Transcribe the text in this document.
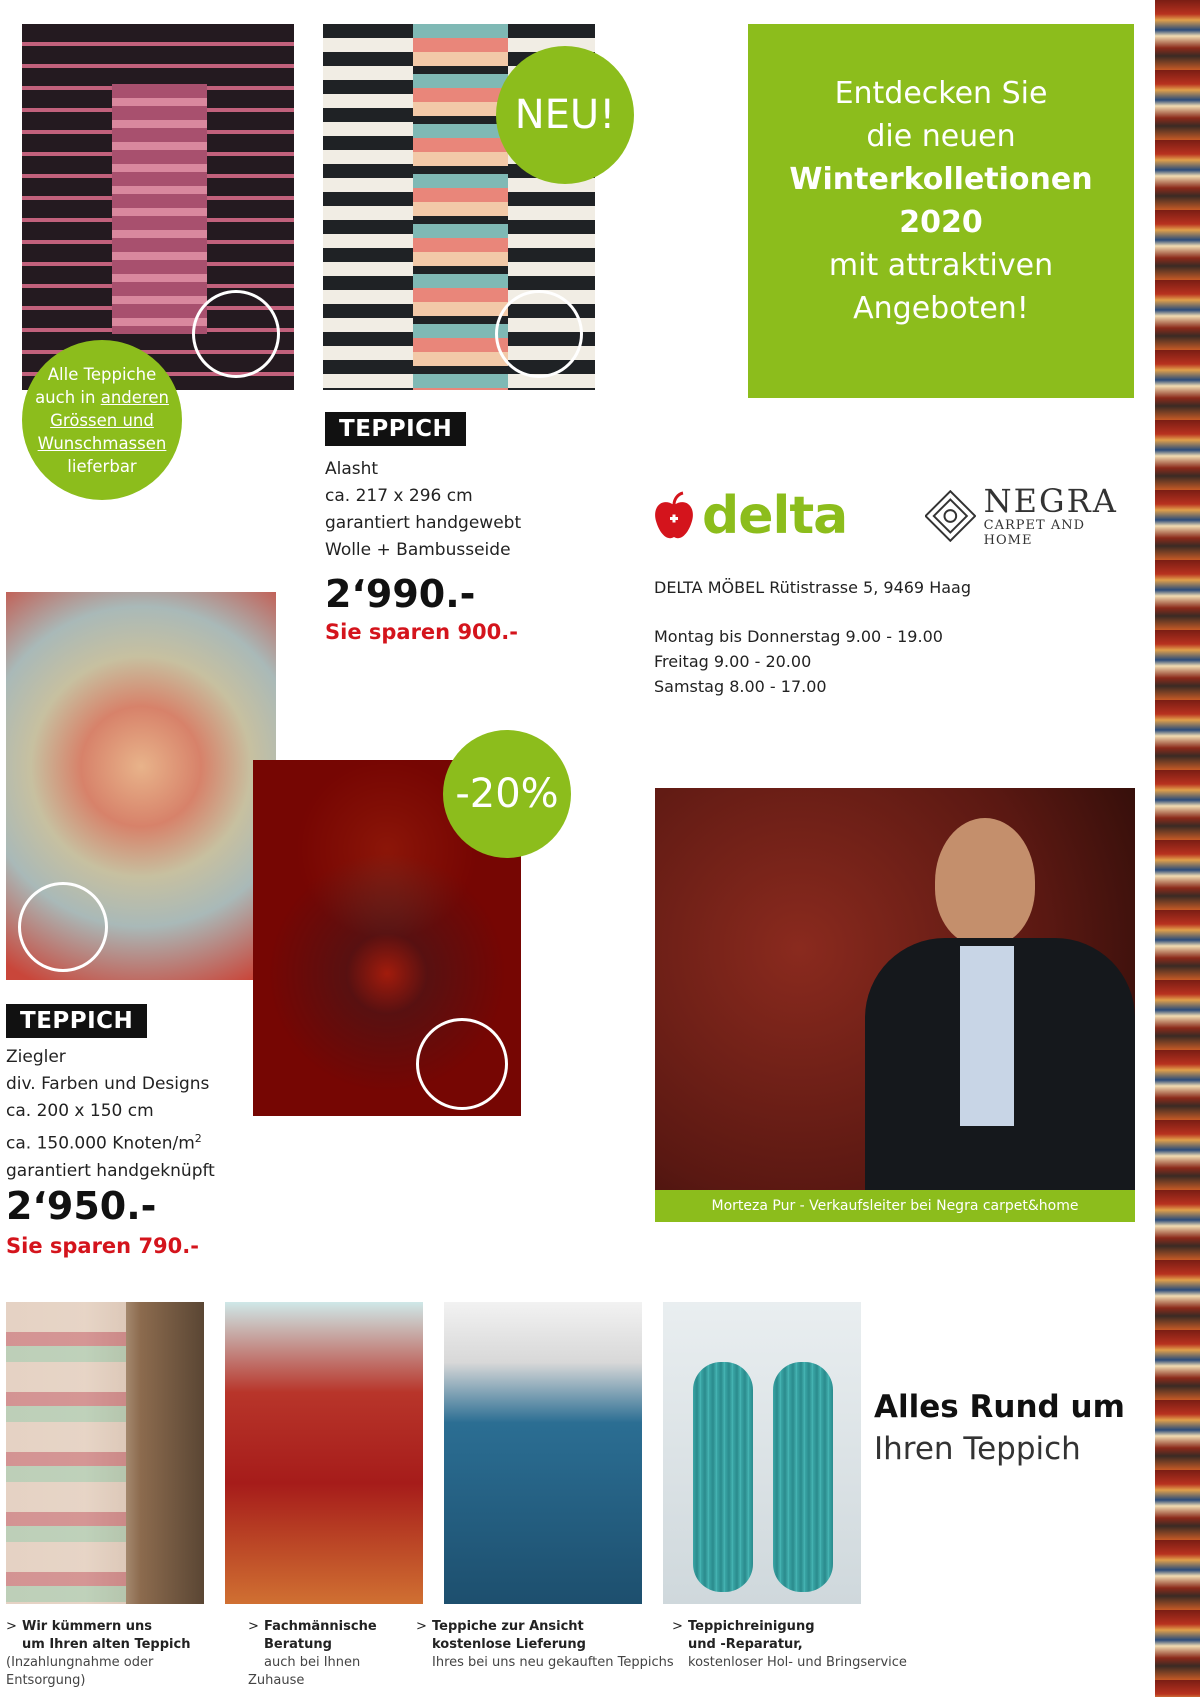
Alle Teppiche
auch in anderen
Grössen und
Wunschmassen
lieferbar
NEU!	Entdecken Sie
die neuen
Winterkolletionen
2020
mit attraktiven
Angeboten!
TEPPICH
Alasht
ca. 217 x 296 cm
garantiert handgewebt
Wolle + Bambusseide
2‘990.-
Sie sparen 900.-
delta	NEGRA
CARPET AND HOME
DELTA MÖBEL Rütistrasse 5, 9469 Haag
Montag bis Donnerstag 9.00 - 19.00
Freitag 9.00 - 20.00
Samstag 8.00 - 17.00
-20%
TEPPICH
Ziegler
div. Farben und Designs
ca. 200 x 150 cm
ca. 150.000 Knoten/$m^2$
garantiert handgeknüpft
2‘950.-
Sie sparen 790.-
Morteza Pur - Verkaufsleiter bei Negra carpet&home
Alles Rund um
Ihren Teppich
> Wir kümmern uns
um Ihren alten Teppich
(Inzahlungnahme oder Entsorgung)
> Fachmännische
Beratung
auch bei Ihnen Zuhause
> Teppiche zur Ansicht
kostenlose Lieferung
Ihres bei uns neu gekauften Teppichs
> Teppichreinigung
und -Reparatur,
kostenloser Hol- und Bringservice
